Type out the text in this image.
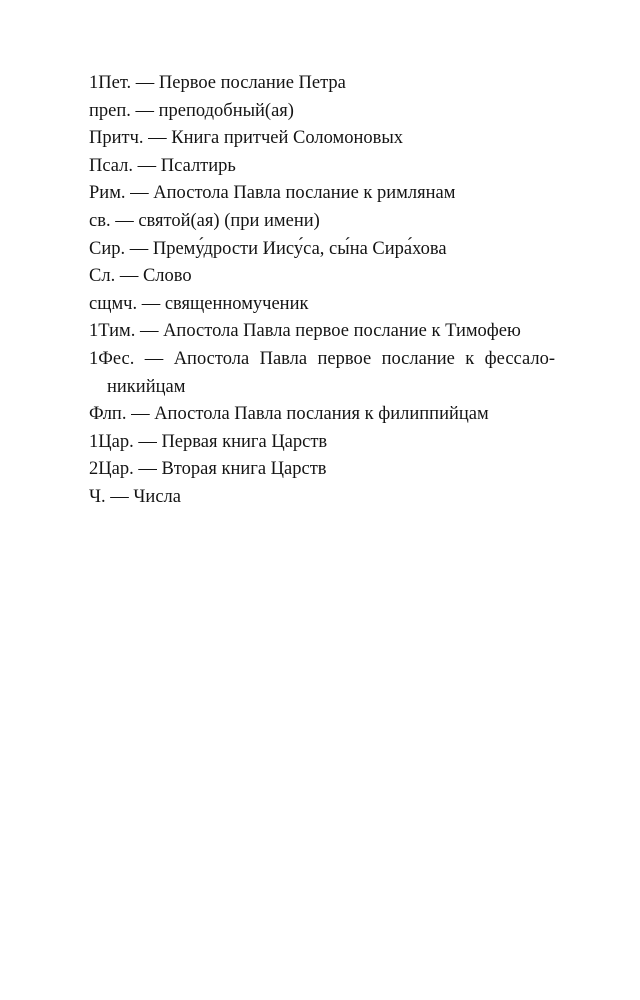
1Пет. — Первое послание Петра

преп. — преподобный(ая)

Притч. — Книга притчей Соломоновых

Псал. — Псалтирь

Рим. — Апостола Павла послание к римлянам

св. — святой(ая) (при имени)

Сир. — Прему́дрости Иису́са, сы́на Сира́хова

Сл. — Слово

сщмч. — священномученик

1Тим. — Апостола Павла первое послание к Тимофею

1Фес. — Апостола Павла первое послание к фессалоникийцам

Флп. — Апостола Павла послания к филиппийцам

1Цар. — Первая книга Царств

2Цар. — Вторая книга Царств

Ч. — Числа
